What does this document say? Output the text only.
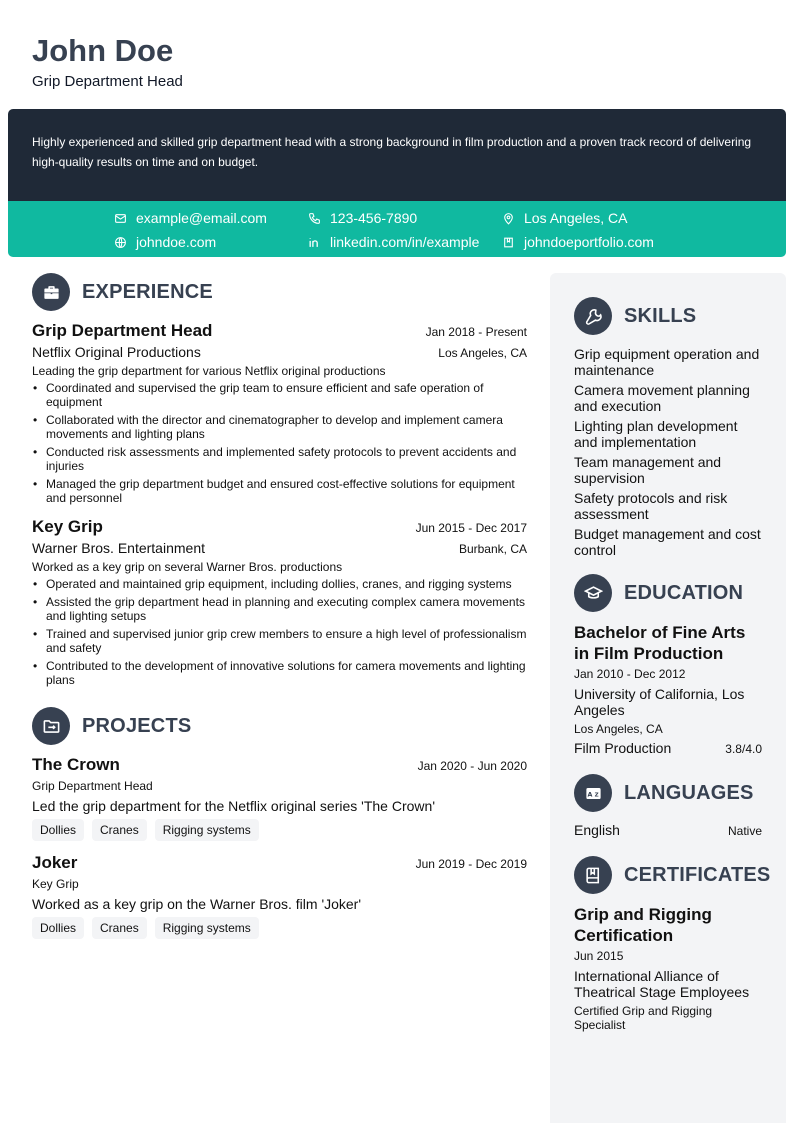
John Doe
Grip Department Head
Highly experienced and skilled grip department head with a strong background in film production and a proven track record of delivering high-quality results on time and on budget.
example@email.com	123-456-7890	Los Angeles, CA
johndoe.com	linkedin.com/in/example	johndoeportfolio.com
EXPERIENCE
Grip Department Head	Jan 2018 - Present
Netflix Original Productions	Los Angeles, CA
Leading the grip department for various Netflix original productions
• Coordinated and supervised the grip team to ensure efficient and safe operation of equipment
• Collaborated with the director and cinematographer to develop and implement camera movements and lighting plans
• Conducted risk assessments and implemented safety protocols to prevent accidents and injuries
• Managed the grip department budget and ensured cost-effective solutions for equipment and personnel
Key Grip	Jun 2015 - Dec 2017
Warner Bros. Entertainment	Burbank, CA
Worked as a key grip on several Warner Bros. productions
• Operated and maintained grip equipment, including dollies, cranes, and rigging systems
• Assisted the grip department head in planning and executing complex camera movements and lighting setups
• Trained and supervised junior grip crew members to ensure a high level of professionalism and safety
• Contributed to the development of innovative solutions for camera movements and lighting plans
PROJECTS
The Crown	Jan 2020 - Jun 2020
Grip Department Head
Led the grip department for the Netflix original series 'The Crown'
Dollies	Cranes	Rigging systems
Joker	Jun 2019 - Dec 2019
Key Grip
Worked as a key grip on the Warner Bros. film 'Joker'
Dollies	Cranes	Rigging systems
SKILLS
Grip equipment operation and maintenance
Camera movement planning and execution
Lighting plan development and implementation
Team management and supervision
Safety protocols and risk assessment
Budget management and cost control
EDUCATION
Bachelor of Fine Arts in Film Production
Jan 2010 - Dec 2012
University of California, Los Angeles
Los Angeles, CA
Film Production	3.8/4.0
A Z LANGUAGES
English	Native
CERTIFICATES
Grip and Rigging Certification
Jun 2015
International Alliance of Theatrical Stage Employees
Certified Grip and Rigging Specialist
